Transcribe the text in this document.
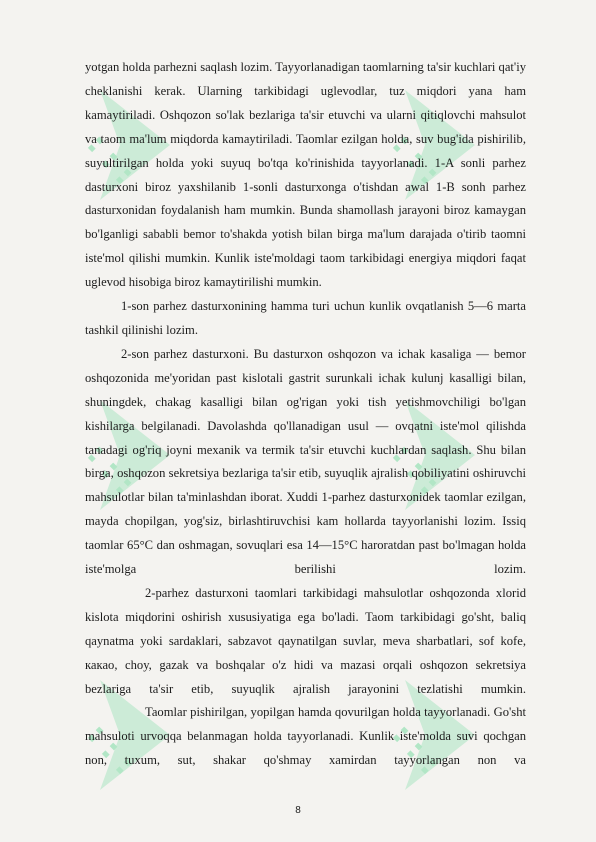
yotgan holda parhezni saqlash lozim. Tayyorlanadigan taomlarning ta'sir kuchlari qat'iy cheklanishi kerak. Ularning tarkibidagi uglevodlar, tuz miqdori yana ham kamaytiriladi. Oshqozon so'lak bezlariga ta'sir etuvchi va ularni qitiqlovchi mahsulot va taom ma'lum miqdorda kamaytiriladi. Taomlar ezilgan holda, suv bug'ida pishirilib, suyultirilgan holda yoki suyuq bo'tqa ko'rinishida tayyorlanadi. 1-A sonli parhez dasturxoni biroz yaxshilanib 1-sonli dasturxonga o'tishdan awal 1-B sonh parhez dasturxonidan foydalanish ham mumkin. Bunda shamollash jarayoni biroz kamaygan bo'lganligi sababli bemor to'shakda yotish bilan birga ma'lum darajada o'tirib taomni iste'mol qilishi mumkin. Kunlik iste'moldagi taom tarkibidagi energiya miqdori faqat uglevod hisobiga biroz kamaytirilishi mumkin.

1-son parhez dasturxonining hamma turi uchun kunlik ovqatlanish 5—6 marta tashkil qilinishi lozim.

2-son parhez dasturxoni. Bu dasturxon oshqozon va ichak kasaliga — bemor oshqozonida me'yoridan past kislotali gastrit surunkali ichak kulunj kasalligi bilan, shuningdek, chakag kasalligi bilan og'rigan yoki tish yetishmovchiligi bo'lgan kishilarga belgilanadi. Davolashda qo'llanadigan usul — ovqatni iste'mol qilishda tanadagi og'riq joyni mexanik va termik ta'sir etuvchi kuchlardan saqlash. Shu bilan birga, oshqozon sekretsiya bezlariga ta'sir etib, suyuqlik ajralish qobiliyatini oshiruvchi mahsulotlar bilan ta'minlashdan iborat. Xuddi 1-parhez dasturxonidek taomlar ezilgan, mayda chopilgan, yog'siz, birlashtiruvchisi kam hollarda tayyorlanishi lozim. Issiq taomlar 65°C dan oshmagan, sovuqlari esa 14—15°C haroratdan past bo'lmagan holda iste'molga berilishi lozim.

2-parhez dasturxoni taomlari tarkibidagi mahsulotlar oshqozonda xlorid kislota miqdorini oshirish xususiyatiga ega bo'ladi. Taom tarkibidagi go'sht, baliq qaynatma yoki sardaklari, sabzavot qaynatilgan suvlar, meva sharbatlari, sof kofe, какао, choy, gazak va boshqalar o'z hidi va mazasi orqali oshqozon sekretsiya bezlariga ta'sir etib, suyuqlik ajralish jarayonini tezlatishi mumkin.

Taomlar pishirilgan, yopilgan hamda qovurilgan holda tayyorlanadi. Go'sht mahsuloti urvoqqa belanmagan holda tayyorlanadi. Kunlik iste'molda suvi qochgan non, tuxum, sut, shakar qo'shmay xamirdan tayyorlangan non va

8
